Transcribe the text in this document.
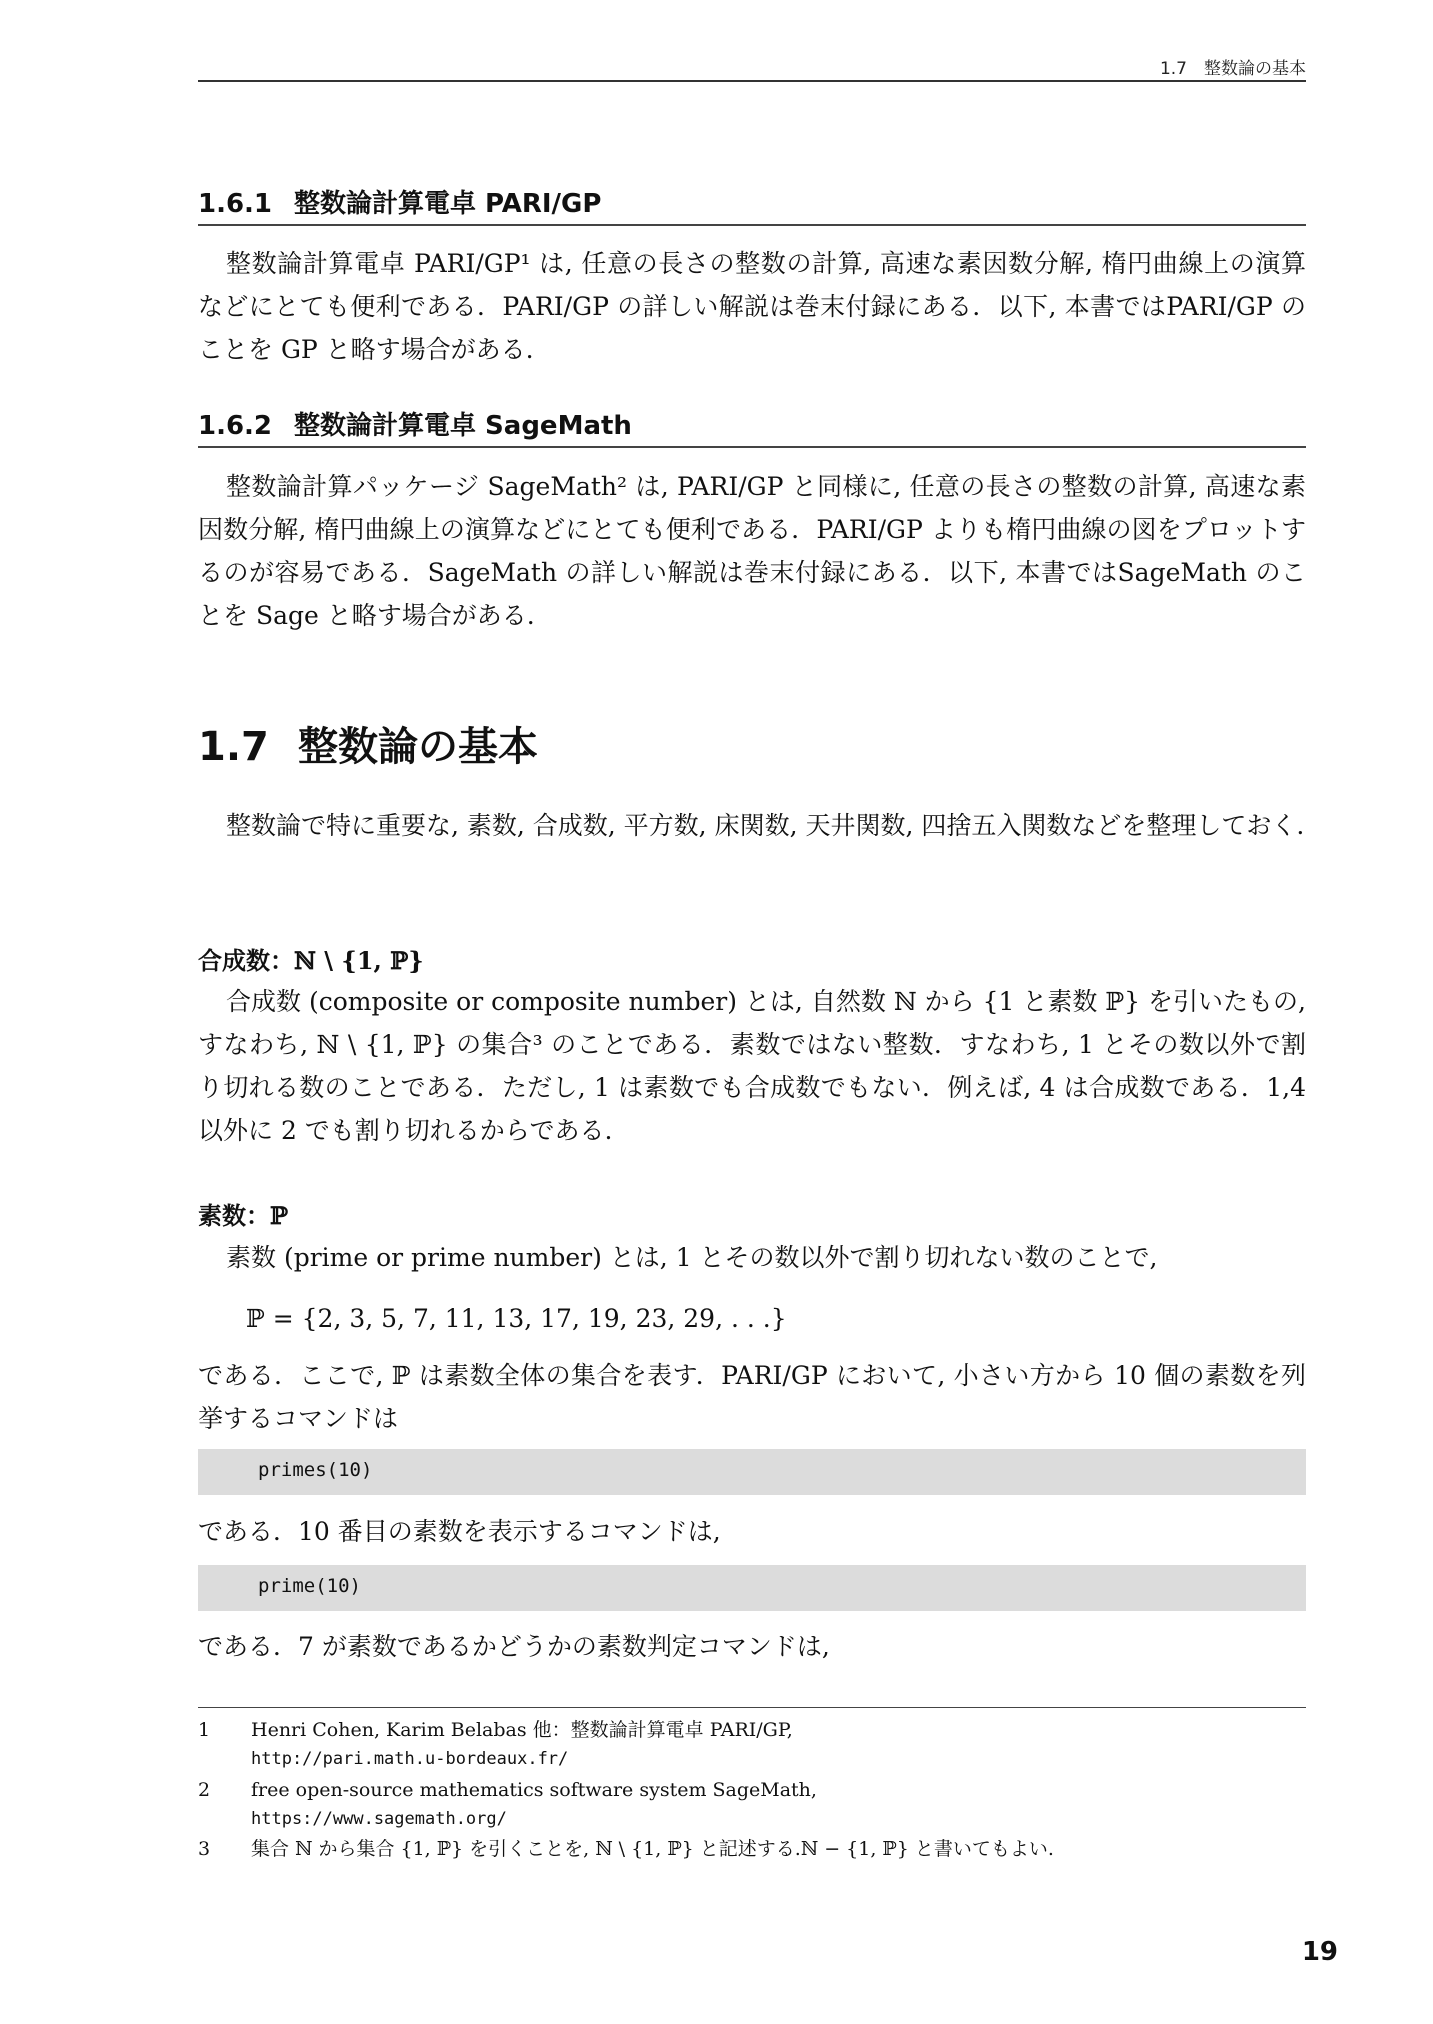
1.7　整数論の基本
1.6.1 整数論計算電卓 PARI/GP
整数論計算電卓 PARI/GP¹ は, 任意の長さの整数の計算, 高速な素因数分解, 楕円曲線上の演算などにとても便利である．PARI/GP の詳しい解説は巻末付録にある．以下, 本書ではPARI/GP のことを GP と略す場合がある.
1.6.2 整数論計算電卓 SageMath
整数論計算パッケージ SageMath² は, PARI/GP と同様に, 任意の長さの整数の計算, 高速な素因数分解, 楕円曲線上の演算などにとても便利である．PARI/GP よりも楕円曲線の図をプロットするのが容易である．SageMath の詳しい解説は巻末付録にある．以下, 本書ではSageMath のことを Sage と略す場合がある.
1.7 整数論の基本
整数論で特に重要な, 素数, 合成数, 平方数, 床関数, 天井関数, 四捨五入関数などを整理しておく.
合成数：ℕ \ {1, ℙ}
合成数 (composite or composite number) とは, 自然数 ℕ から {1 と素数 ℙ} を引いたもの,すなわち, ℕ \ {1, ℙ} の集合³ のことである．素数ではない整数．すなわち, 1 とその数以外で割り切れる数のことである．ただし, 1 は素数でも合成数でもない．例えば, 4 は合成数である．1,4 以外に 2 でも割り切れるからである.
素数：ℙ
素数 (prime or prime number) とは, 1 とその数以外で割り切れない数のことで,
ℙ = {2, 3, 5, 7, 11, 13, 17, 19, 23, 29, . . .}
である．ここで, ℙ は素数全体の集合を表す．PARI/GP において, 小さい方から 10 個の素数を列挙するコマンドは
primes(10)
である．10 番目の素数を表示するコマンドは,
prime(10)
である．7 が素数であるかどうかの素数判定コマンドは,
1 Henri Cohen, Karim Belabas 他：整数論計算電卓 PARI/GP,
http://pari.math.u-bordeaux.fr/
2 free open-source mathematics software system SageMath,
https://www.sagemath.org/
3 集合 ℕ から集合 {1, ℙ} を引くことを, ℕ \ {1, ℙ} と記述する.ℕ − {1, ℙ} と書いてもよい.
19
